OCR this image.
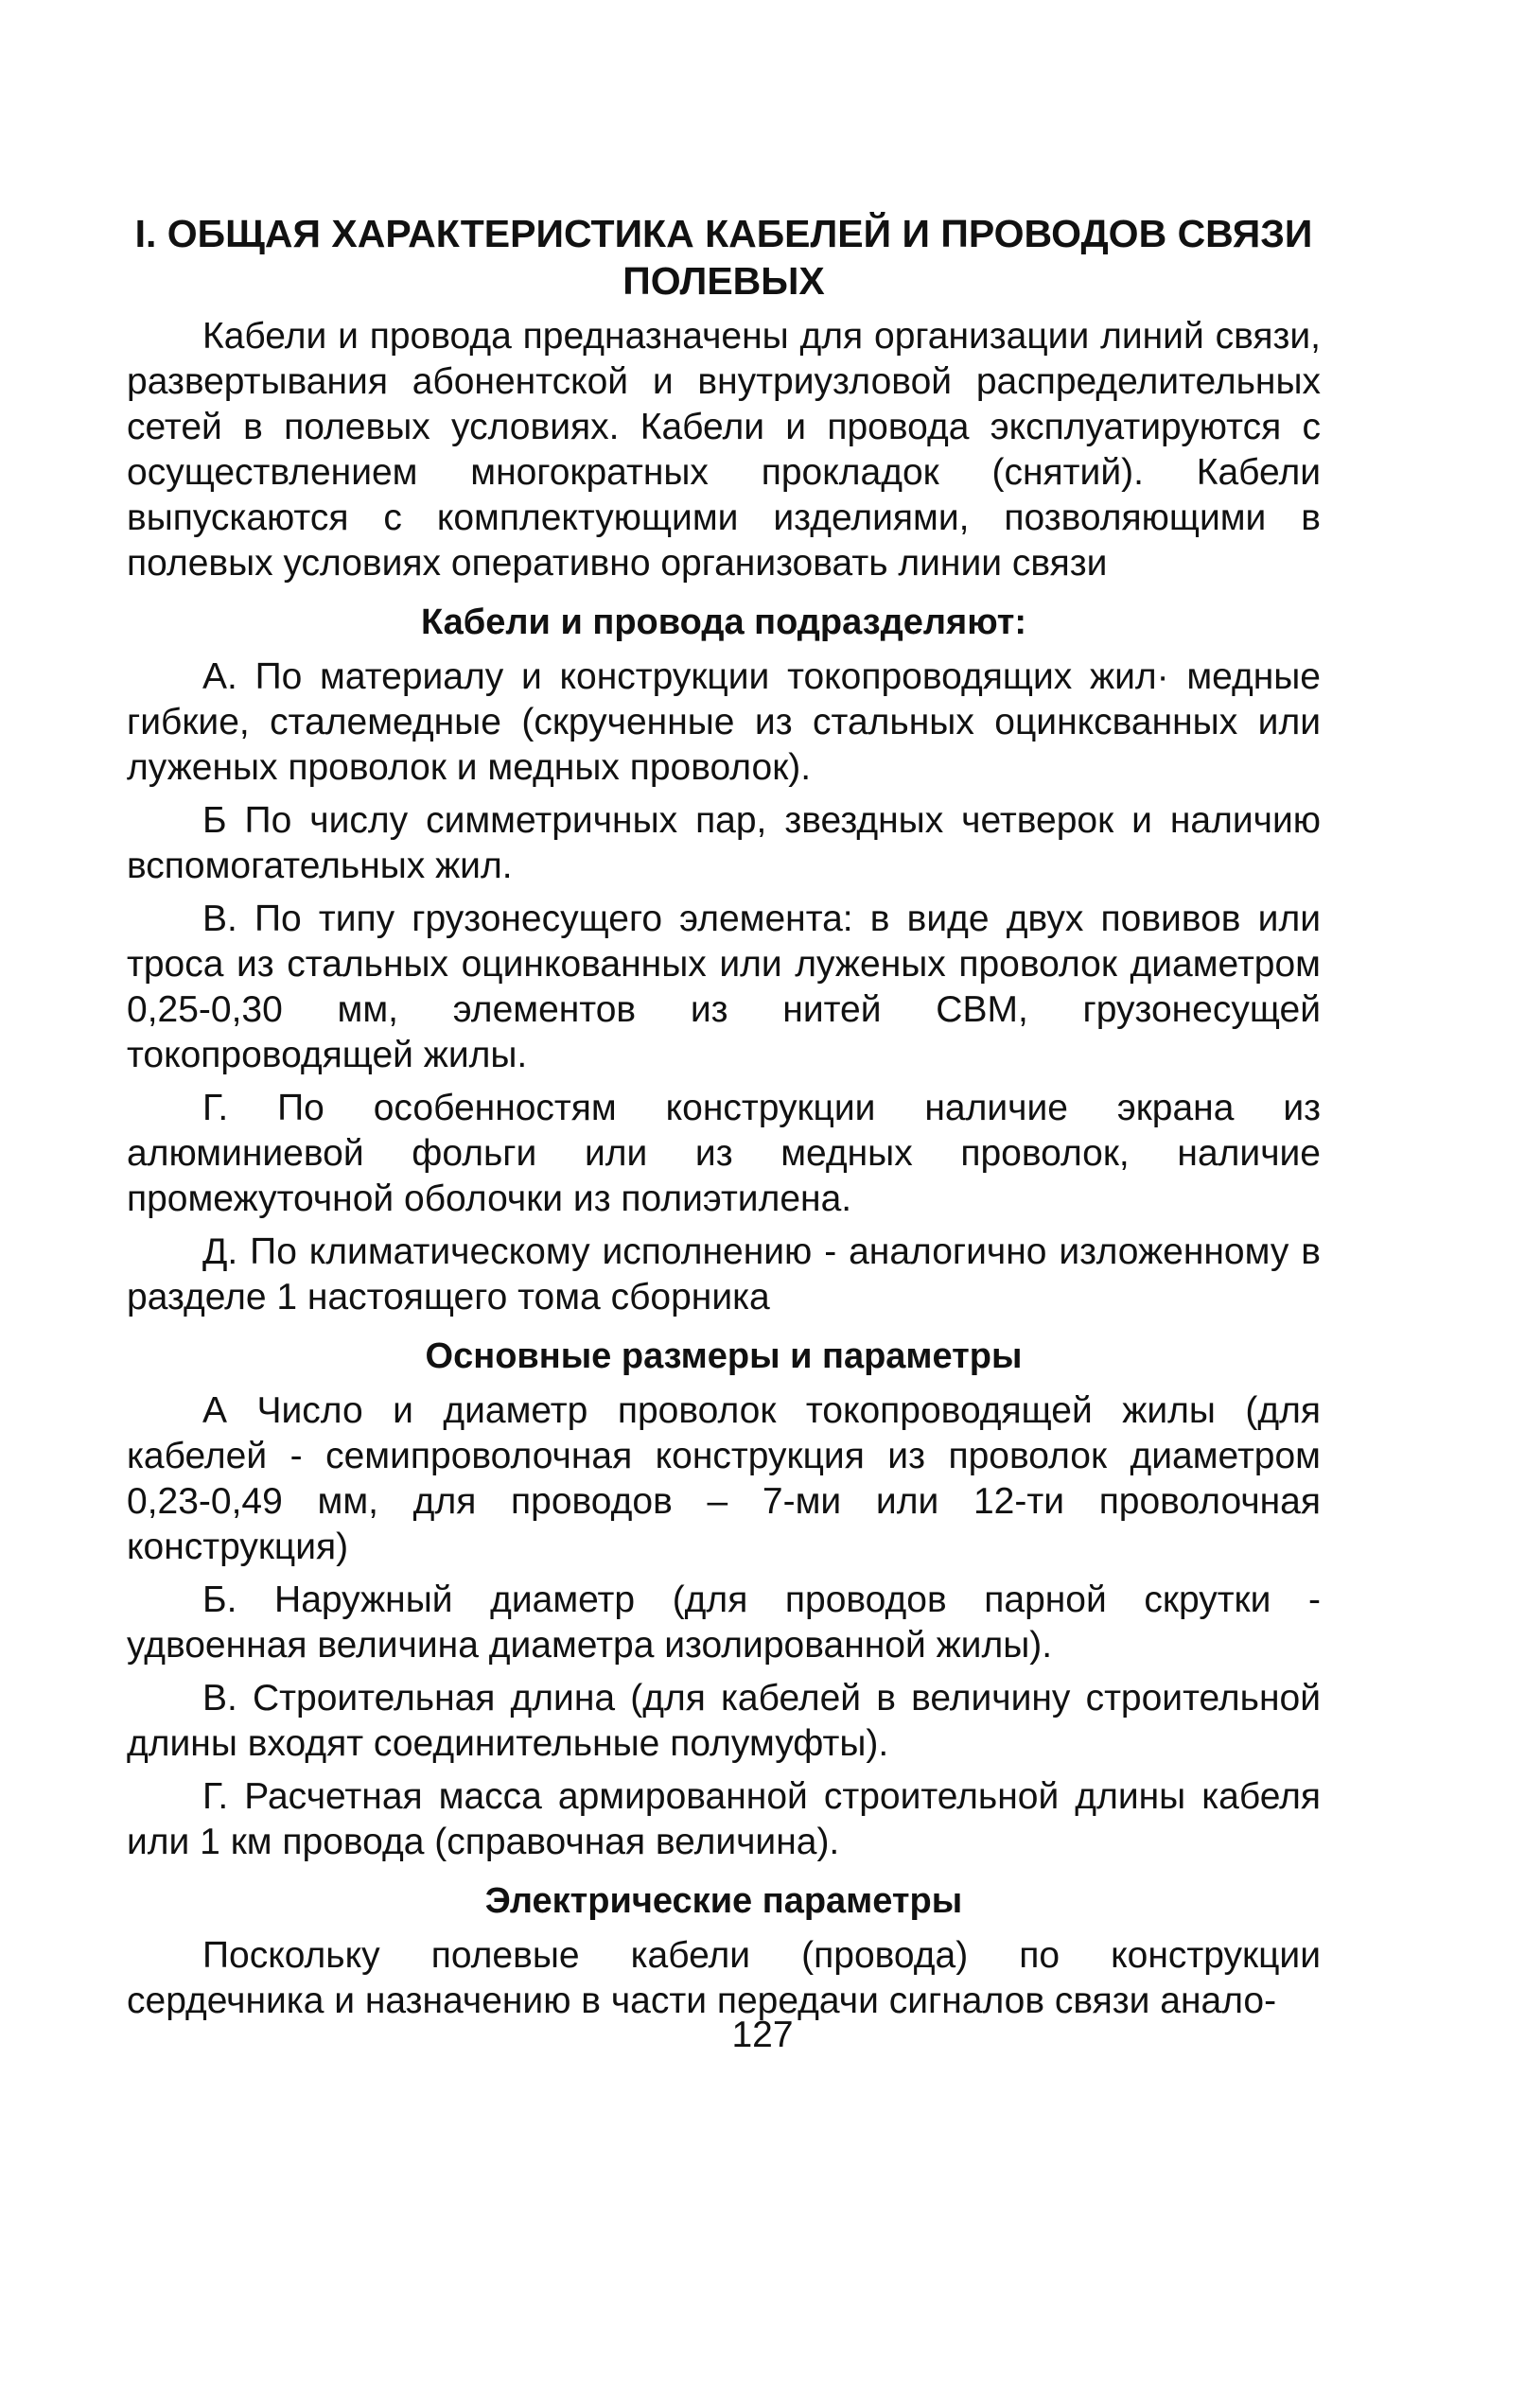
I. ОБЩАЯ ХАРАКТЕРИСТИКА КАБЕЛЕЙ И ПРОВОДОВ СВЯЗИ
ПОЛЕВЫХ

Кабели и провода предназначены для организации линий связи, развертывания абонентской и внутриузловой распределительных сетей в полевых условиях. Кабели и провода эксплуатируются с осуществлением многократных прокладок (снятий). Кабели выпускаются с комплектующими изделиями, позволяющими в полевых условиях оперативно организовать линии связи

Кабели и провода подразделяют:

А. По материалу и конструкции токопроводящих жил· медные гибкие, сталемедные (скрученные из стальных оцинксванных или луженых проволок и медных проволок).

Б По числу симметричных пар, звездных четверок и наличию вспомогательных жил.

В. По типу грузонесущего элемента: в виде двух повивов или троса из стальных оцинкованных или луженых проволок диаметром 0,25-0,30 мм, элементов из нитей СВМ, грузонесущей токопроводящей жилы.

Г. По особенностям конструкции наличие экрана из алюминиевой фольги или из медных проволок, наличие промежуточной оболочки из полиэтилена.

Д. По климатическому исполнению - аналогично изложенному в разделе 1 настоящего тома сборника

Основные размеры и параметры

А Число и диаметр проволок токопроводящей жилы (для кабелей - семипроволочная конструкция из проволок диаметром 0,23-0,49 мм, для проводов – 7-ми или 12-ти проволочная конструкция)

Б. Наружный диаметр (для проводов парной скрутки - удвоенная величина диаметра изолированной жилы).

В. Строительная длина (для кабелей в величину строительной длины входят соединительные полумуфты).

Г. Расчетная масса армированной строительной длины кабеля или 1 км провода (справочная величина).

Электрические параметры

Поскольку полевые кабели (провода) по конструкции сердечника и назначению в части передачи сигналов связи анало-

127
